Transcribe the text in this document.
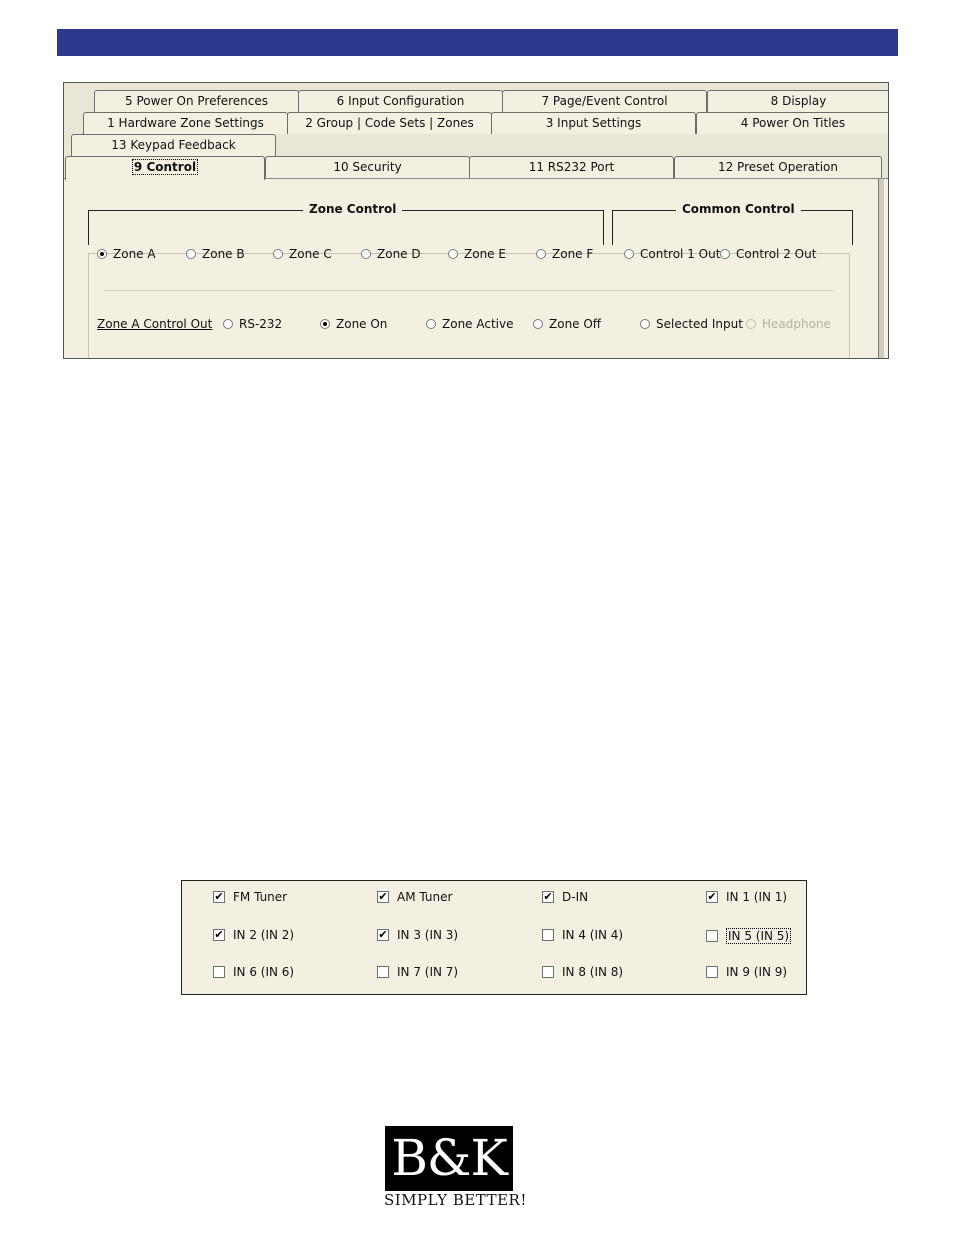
5 Power On Preferences	6 Input Configuration	7 Page/Event Control	8 Display
1 Hardware Zone Settings	2 Group | Code Sets | Zones	3 Input Settings	4 Power On Titles
13 Keypad Feedback
9 Control	10 Security	11 RS232 Port	12 Preset Operation
Zone Control	Common Control
Zone A	Zone B	Zone C	Zone D	Zone E	Zone F	Control 1 Out Control 2 Out
Zone A Control Out RS-232	Zone On	Zone Active	Zone Off	Selected Input Headphone
✔ FM Tuner	✔ AM Tuner	✔ D-IN	✔ IN 1 (IN 1)
✔ IN 2 (IN 2)	✔ IN 3 (IN 3)	IN 4 (IN 4)	IN 5 (IN 5)
IN 6 (IN 6)	IN 7 (IN 7)	IN 8 (IN 8)	IN 9 (IN 9)
B&K
SIMPLY BETTER!
